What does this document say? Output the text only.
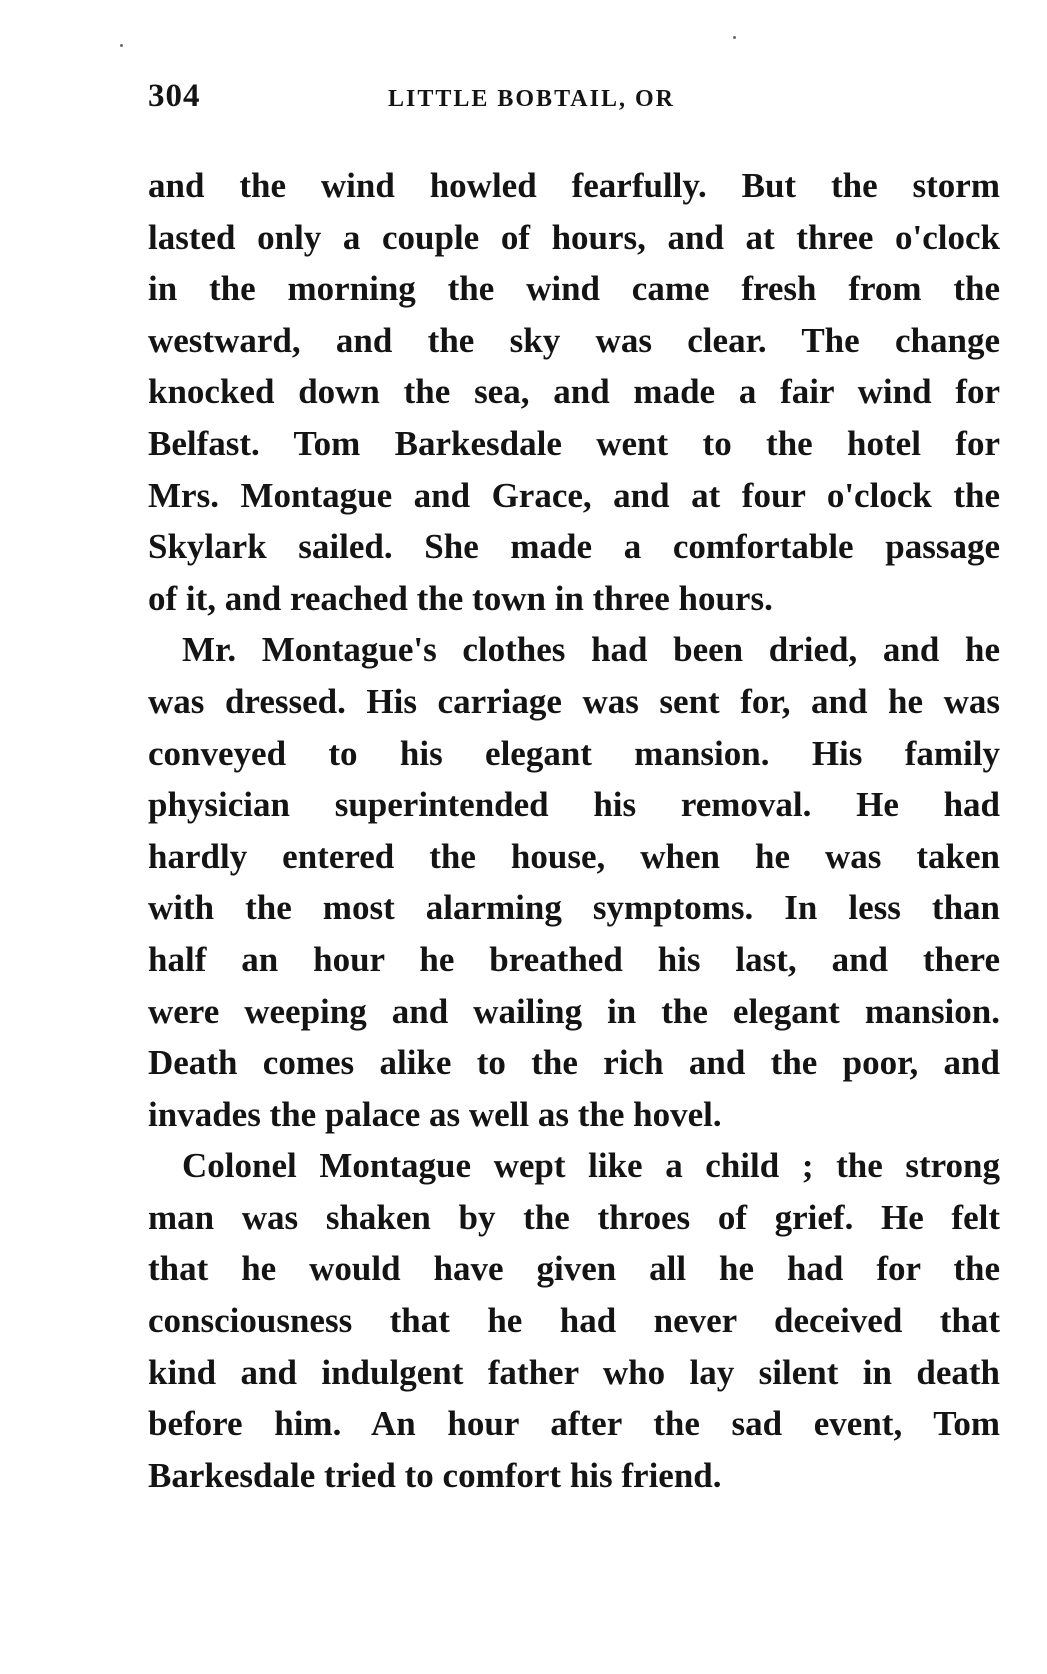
304	LITTLE BOBTAIL, OR
and the wind howled fearfully. But the storm
lasted only a couple of hours, and at three o'clock
in the morning the wind came fresh from the
westward, and the sky was clear. The change
knocked down the sea, and made a fair wind for
Belfast. Tom Barkesdale went to the hotel for
Mrs. Montague and Grace, and at four o'clock the
Skylark sailed. She made a comfortable passage
of it, and reached the town in three hours.
Mr. Montague's clothes had been dried, and he
was dressed. His carriage was sent for, and he was
conveyed to his elegant mansion. His family
physician superintended his removal. He had
hardly entered the house, when he was taken
with the most alarming symptoms. In less than
half an hour he breathed his last, and there
were weeping and wailing in the elegant mansion.
Death comes alike to the rich and the poor, and
invades the palace as well as the hovel.
Colonel Montague wept like a child ; the strong
man was shaken by the throes of grief. He felt
that he would have given all he had for the
consciousness that he had never deceived that
kind and indulgent father who lay silent in death
before him. An hour after the sad event, Tom
Barkesdale tried to comfort his friend.
